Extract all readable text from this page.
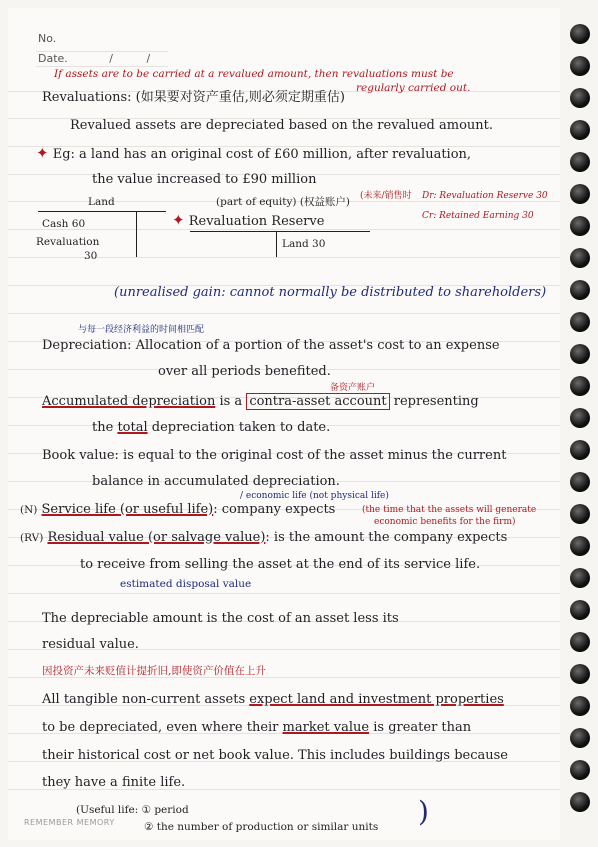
No.
Date.	/	/
If assets are to be carried at a revalued amount, then revaluations must be
regularly carried out.
Revaluations: (如果要对资产重估,则必须定期重估)
Revalued assets are depreciated based on the revalued amount.
✦ Eg: a land has an original cost of £60 million, after revaluation,
the value increased to £90 million
Land
Cash 60
Revaluation
30
(part of equity) (权益账户) (未来/销售时 Dr: Revaluation Reserve 30
Cr: Retained Earning 30
✦ Revaluation Reserve
Land 30
(unrealised gain: cannot normally be distributed to shareholders)
与每一段经济利益的时间相匹配
Depreciation: Allocation of a portion of the asset's cost to an expense
over all periods benefited.
备资产账户
Accumulated depreciation is a contra-asset account representing
the total depreciation taken to date.
Book value: is equal to the original cost of the asset minus the current
balance in accumulated depreciation.
/ economic life (not physical life)
(N) Service life (or useful life): company expects	(the time that the assets will generate
economic benefits for the firm)
(RV) Residual value (or salvage value): is the amount the company expects
to receive from selling the asset at the end of its service life.
estimated disposal value
The depreciable amount is the cost of an asset less its
residual value.
因投资产未来贬值计提折旧,即使资产价值在上升
All tangible non-current assets expect land and investment properties
to be depreciated, even where their market value is greater than
their historical cost or net book value. This includes buildings because
they have a finite life.
(Useful life: ① period
② the number of production or similar units )
REMEMBER MEMORY
